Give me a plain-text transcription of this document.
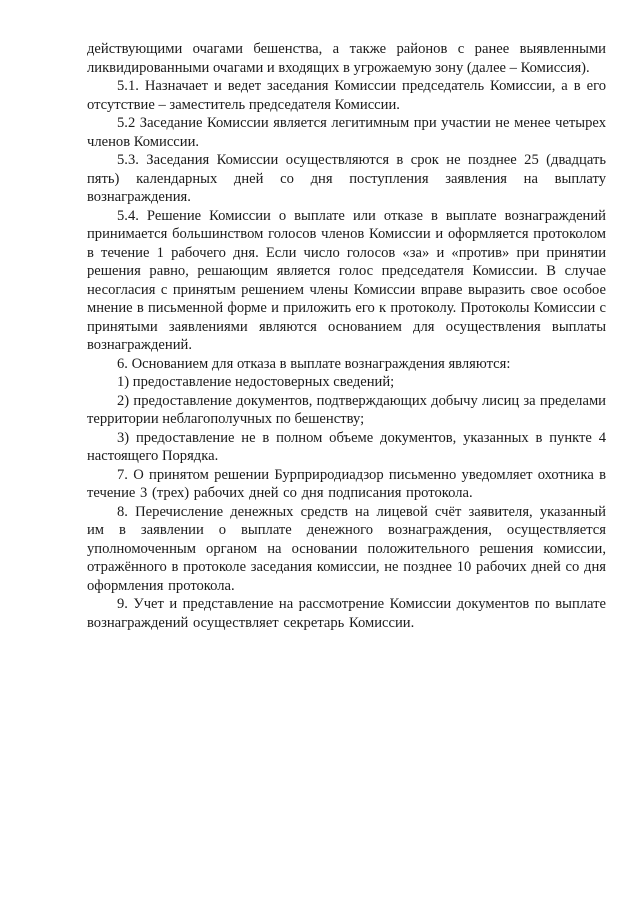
действующими очагами бешенства, а также районов с ранее выявленными ликвидированными очагами и входящих в угрожаемую зону (далее – Комиссия).

5.1. Назначает и ведет заседания Комиссии председатель Комиссии, а в его отсутствие – заместитель председателя Комиссии.

5.2 Заседание Комиссии является легитимным при участии не менее четырех членов Комиссии.

5.3. Заседания Комиссии осуществляются в срок не позднее 25 (двадцать пять) календарных дней со дня поступления заявления на выплату вознаграждения.

5.4. Решение Комиссии о выплате или отказе в выплате вознаграждений принимается большинством голосов членов Комиссии и оформляется протоколом в течение 1 рабочего дня. Если число голосов «за» и «против» при принятии решения равно, решающим является голос председателя Комиссии. В случае несогласия с принятым решением члены Комиссии вправе выразить свое особое мнение в письменной форме и приложить его к протоколу. Протоколы Комиссии с принятыми заявлениями являются основанием для осуществления выплаты вознаграждений.

6. Основанием для отказа в выплате вознаграждения являются:

1) предоставление недостоверных сведений;

2) предоставление документов, подтверждающих добычу лисиц за пределами территории неблагополучных по бешенству;

3) предоставление не в полном объеме документов, указанных в пункте 4 настоящего Порядка.

7. О принятом решении Бурприродиадзор письменно уведомляет охотника в течение 3 (трех) рабочих дней со дня подписания протокола.

8. Перечисление денежных средств на лицевой счёт заявителя, указанный им в заявлении о выплате денежного вознаграждения, осуществляется уполномоченным органом на основании положительного решения комиссии, отражённого в протоколе заседания комиссии, не позднее 10 рабочих дней со дня оформления протокола.

9. Учет и представление на рассмотрение Комиссии документов по выплате вознаграждений осуществляет секретарь Комиссии.
